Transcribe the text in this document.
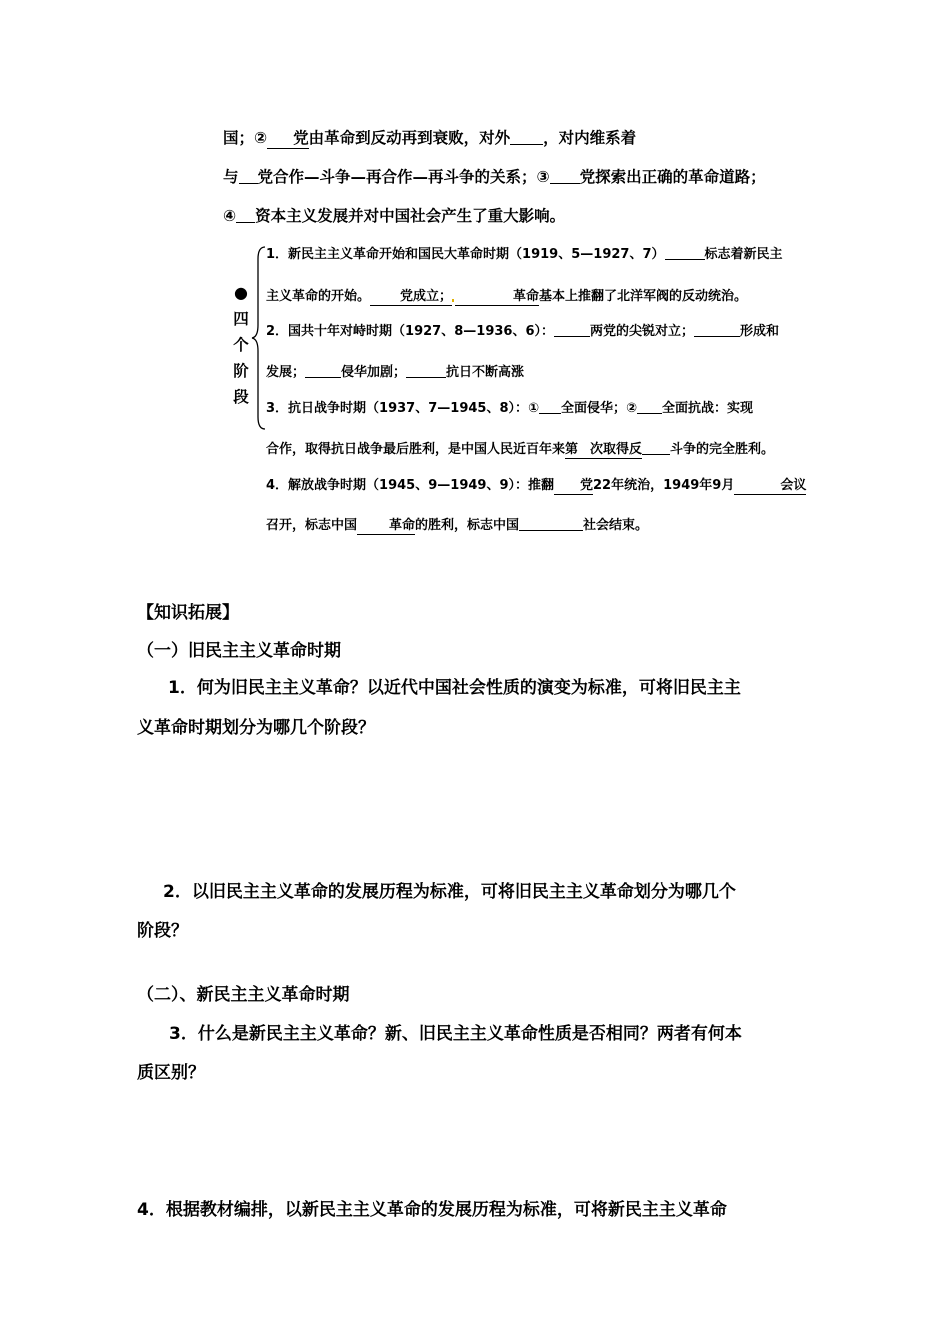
国；② 党由革命到反动再到衰败，对外 ，对内维系着
与 党合作—斗争—再合作—再斗争的关系；③ 党探索出正确的革命道路；
④ 资本主义发展并对中国社会产生了重大影响。
●
四
个
阶
段
1．新民主主义革命开始和国民大革命时期（1919、5—1927、7）	标志着新民主
主义革命的开始。 党成立；	革命基本上推翻了北洋军阀的反动统治。
2．国共十年对峙时期（1927、8—1936、6）：	两党的尖锐对立；	形成和
发展；	侵华加剧；	抗日不断高涨
3．抗日战争时期（1937、7—1945、8）：① 全面侵华；② 全面抗战：实现
合作，取得抗日战争最后胜利，是中国人民近百年来第 次取得反 斗争的完全胜利。
4．解放战争时期（1945、9—1949、9）：推翻 党22年统治，1949年9月	会议
召开，标志中国 革命的胜利，标志中国	社会结束。
【知识拓展】
（一）旧民主主义革命时期
1．何为旧民主主义革命？以近代中国社会性质的演变为标准，可将旧民主主
义革命时期划分为哪几个阶段？
2．以旧民主主义革命的发展历程为标准，可将旧民主主义革命划分为哪几个
阶段？
（二）、新民主主义革命时期
3．什么是新民主主义革命？新、旧民主主义革命性质是否相同？两者有何本
质区别？
4．根据教材编排，以新民主主义革命的发展历程为标准，可将新民主主义革命
